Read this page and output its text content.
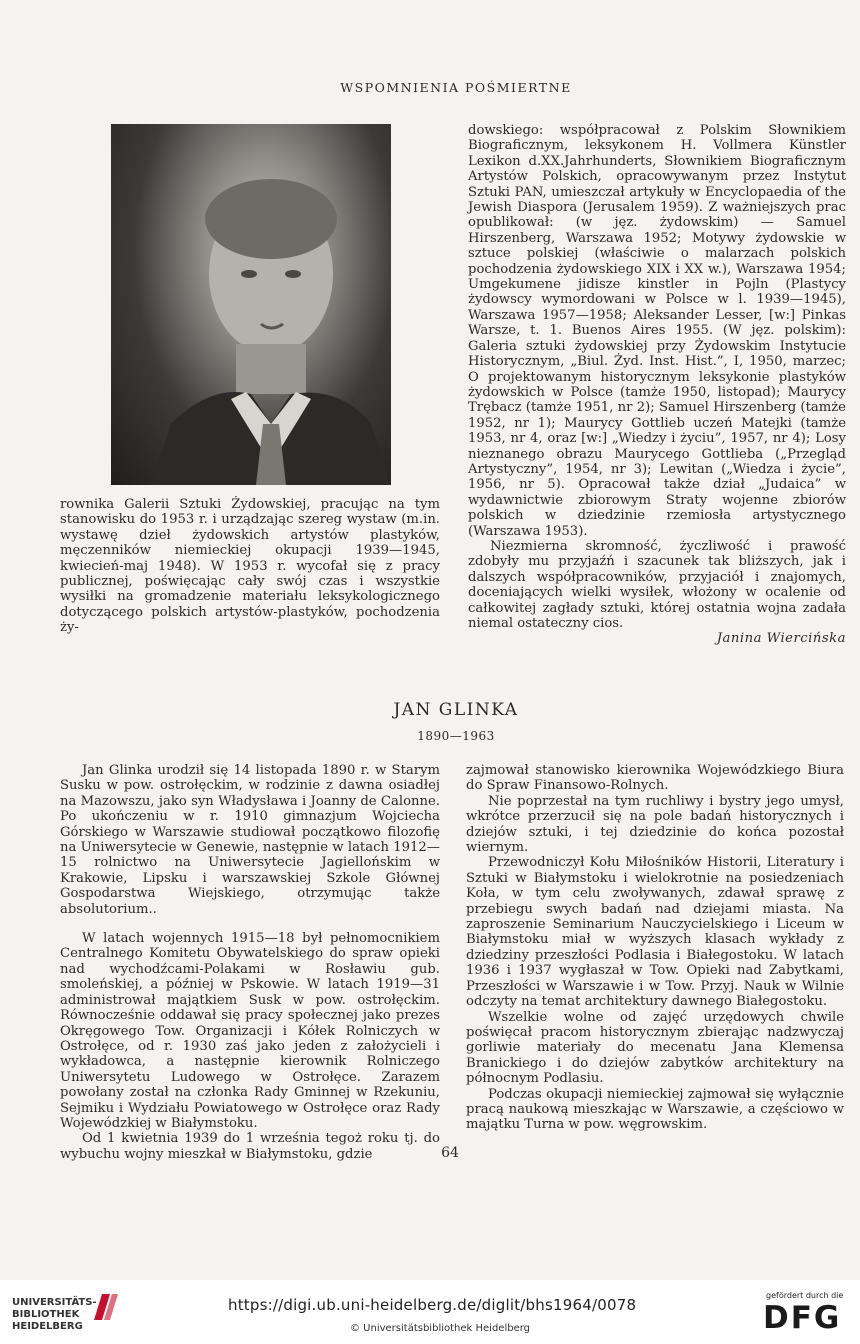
WSPOMNIENIA POŚMIERTNE

rownika Galerii Sztuki Żydowskiej, pracując na tym stanowisku do 1953 r. i urządzając szereg wystaw (m.in. wystawę dzieł żydowskich artystów plastyków, męczenników niemieckiej okupacji 1939—1945, kwiecień-maj 1948). W 1953 r. wycofał się z pracy publicznej, poświęcając cały swój czas i wszystkie wysiłki na gromadzenie materiału leksykologicznego dotyczącego polskich artystów-plastyków, pochodzenia ży-

dowskiego: współpracował z Polskim Słownikiem Biograficznym, leksykonem H. Vollmera Künstler Lexikon d.XX.Jahrhunderts, Słownikiem Biograficznym Artystów Polskich, opracowywanym przez Instytut Sztuki PAN, umieszczał artykuły w Encyclopaedia of the Jewish Diaspora (Jerusalem 1959). Z ważniejszych prac opublikował: (w jęz. żydowskim) — Samuel Hirszenberg, Warszawa 1952; Motywy żydowskie w sztuce polskiej (właściwie o malarzach polskich pochodzenia żydowskiego XIX i XX w.), Warszawa 1954; Umgekumene jidisze kinstler in Pojln (Plastycy żydowscy wymordowani w Polsce w l. 1939—1945), Warszawa 1957—1958; Aleksander Lesser, [w:] Pinkas Warsze, t. 1. Buenos Aires 1955. (W jęz. polskim): Galeria sztuki żydowskiej przy Żydowskim Instytucie Historycznym, „Biul. Żyd. Inst. Hist.”, I, 1950, marzec; O projektowanym historycznym leksykonie plastyków żydowskich w Polsce (tamże 1950, listopad); Maurycy Trębacz (tamże 1951, nr 2); Samuel Hirszenberg (tamże 1952, nr 1); Maurycy Gottlieb uczeń Matejki (tamże 1953, nr 4, oraz [w:] „Wiedzy i życiu”, 1957, nr 4); Losy nieznanego obrazu Maurycego Gottlieba („Przegląd Artystyczny”, 1954, nr 3); Lewitan („Wiedza i życie”, 1956, nr 5). Opracował także dział „Judaica” w wydawnictwie zbiorowym Straty wojenne zbiorów polskich w dziedzinie rzemiosła artystycznego (Warszawa 1953).

Niezmierna skromność, życzliwość i prawość zdobyły mu przyjaźń i szacunek tak bliższych, jak i dalszych współpracowników, przyjaciół i znajomych, doceniających wielki wysiłek, włożony w ocalenie od całkowitej zagłady sztuki, której ostatnia wojna zadała niemal ostateczny cios.

Janina Wiercińska

JAN GLINKA
1890—1963

Jan Glinka urodził się 14 listopada 1890 r. w Starym Susku w pow. ostrołęckim, w rodzinie z dawna osiadłej na Mazowszu, jako syn Władysława i Joanny de Calonne. Po ukończeniu w r. 1910 gimnazjum Wojciecha Górskiego w Warszawie studiował początkowo filozofię na Uniwersytecie w Genewie, następnie w latach 1912—15 rolnictwo na Uniwersytecie Jagiellońskim w Krakowie, Lipsku i warszawskiej Szkole Głównej Gospodarstwa Wiejskiego, otrzymując także absolutorium..

W latach wojennych 1915—18 był pełnomocnikiem Centralnego Komitetu Obywatelskiego do spraw opieki nad wychodźcami-Polakami w Rosławiu gub. smoleńskiej, a później w Pskowie. W latach 1919—31 administrował majątkiem Susk w pow. ostrołęckim. Równocześnie oddawał się pracy społecznej jako prezes Okręgowego Tow. Organizacji i Kółek Rolniczych w Ostrołęce, od r. 1930 zaś jako jeden z założycieli i wykładowca, a następnie kierownik Rolniczego Uniwersytetu Ludowego w Ostrołęce. Zarazem powołany został na członka Rady Gminnej w Rzekuniu, Sejmiku i Wydziału Powiatowego w Ostrołęce oraz Rady Wojewódzkiej w Białymstoku.

Od 1 kwietnia 1939 do 1 września tegoż roku tj. do wybuchu wojny mieszkał w Białymstoku, gdzie

zajmował stanowisko kierownika Wojewódzkiego Biura do Spraw Finansowo-Rolnych.

Nie poprzestał na tym ruchliwy i bystry jego umysł, wkrótce przerzucił się na pole badań historycznych i dziejów sztuki, i tej dziedzinie do końca pozostał wiernym.

Przewodniczył Kołu Miłośników Historii, Literatury i Sztuki w Białymstoku i wielokrotnie na posiedzeniach Koła, w tym celu zwoływanych, zdawał sprawę z przebiegu swych badań nad dziejami miasta. Na zaproszenie Seminarium Nauczycielskiego i Liceum w Białymstoku miał w wyższych klasach wykłady z dziedziny przeszłości Podlasia i Białegostoku. W latach 1936 i 1937 wygłaszał w Tow. Opieki nad Zabytkami, Przeszłości w Warszawie i w Tow. Przyj. Nauk w Wilnie odczyty na temat architektury dawnego Białegostoku.

Wszelkie wolne od zajęć urzędowych chwile poświęcał pracom historycznym zbierając nadzwyczaj gorliwie materiały do mecenatu Jana Klemensa Branickiego i do dziejów zabytków architektury na północnym Podlasiu.

Podczas okupacji niemieckiej zajmował się wyłącznie pracą naukową mieszkając w Warszawie, a częściowo w majątku Turna w pow. węgrowskim.

64
UNIVERSITÄTS-
BIBLIOTHEK
HEIDELBERG
https://digi.ub.uni-heidelberg.de/diglit/bhs1964/0078
© Universitätsbibliothek Heidelberg
gefördert durch die
DFG
